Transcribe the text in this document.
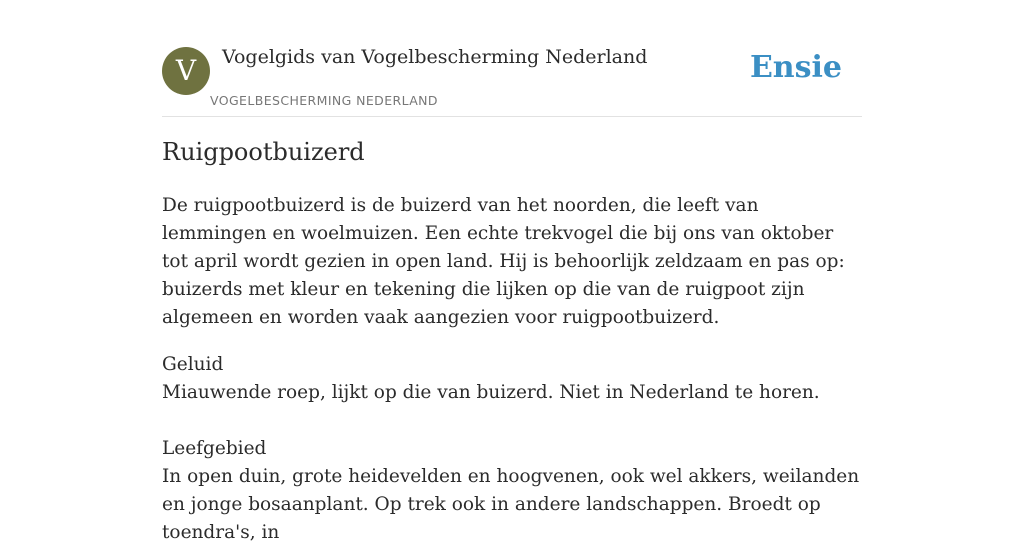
V	Vogelgids van Vogelbescherming Nederland
VOGELBESCHERMING NEDERLAND
Ensie
Ruigpootbuizerd

De ruigpootbuizerd is de buizerd van het noorden, die leeft van lemmingen en woelmuizen. Een echte trekvogel die bij ons van oktober tot april wordt gezien in open land. Hij is behoorlijk zeldzaam en pas op: buizerds met kleur en tekening die lijken op die van de ruigpoot zijn algemeen en worden vaak aangezien voor ruigpootbuizerd.

Geluid
Miauwende roep, lijkt op die van buizerd. Niet in Nederland te horen.
Leefgebied
In open duin, grote heidevelden en hoogvenen, ook wel akkers, weilanden en jonge bosaanplant. Op trek ook in andere landschappen. Broedt op toendra's, in
